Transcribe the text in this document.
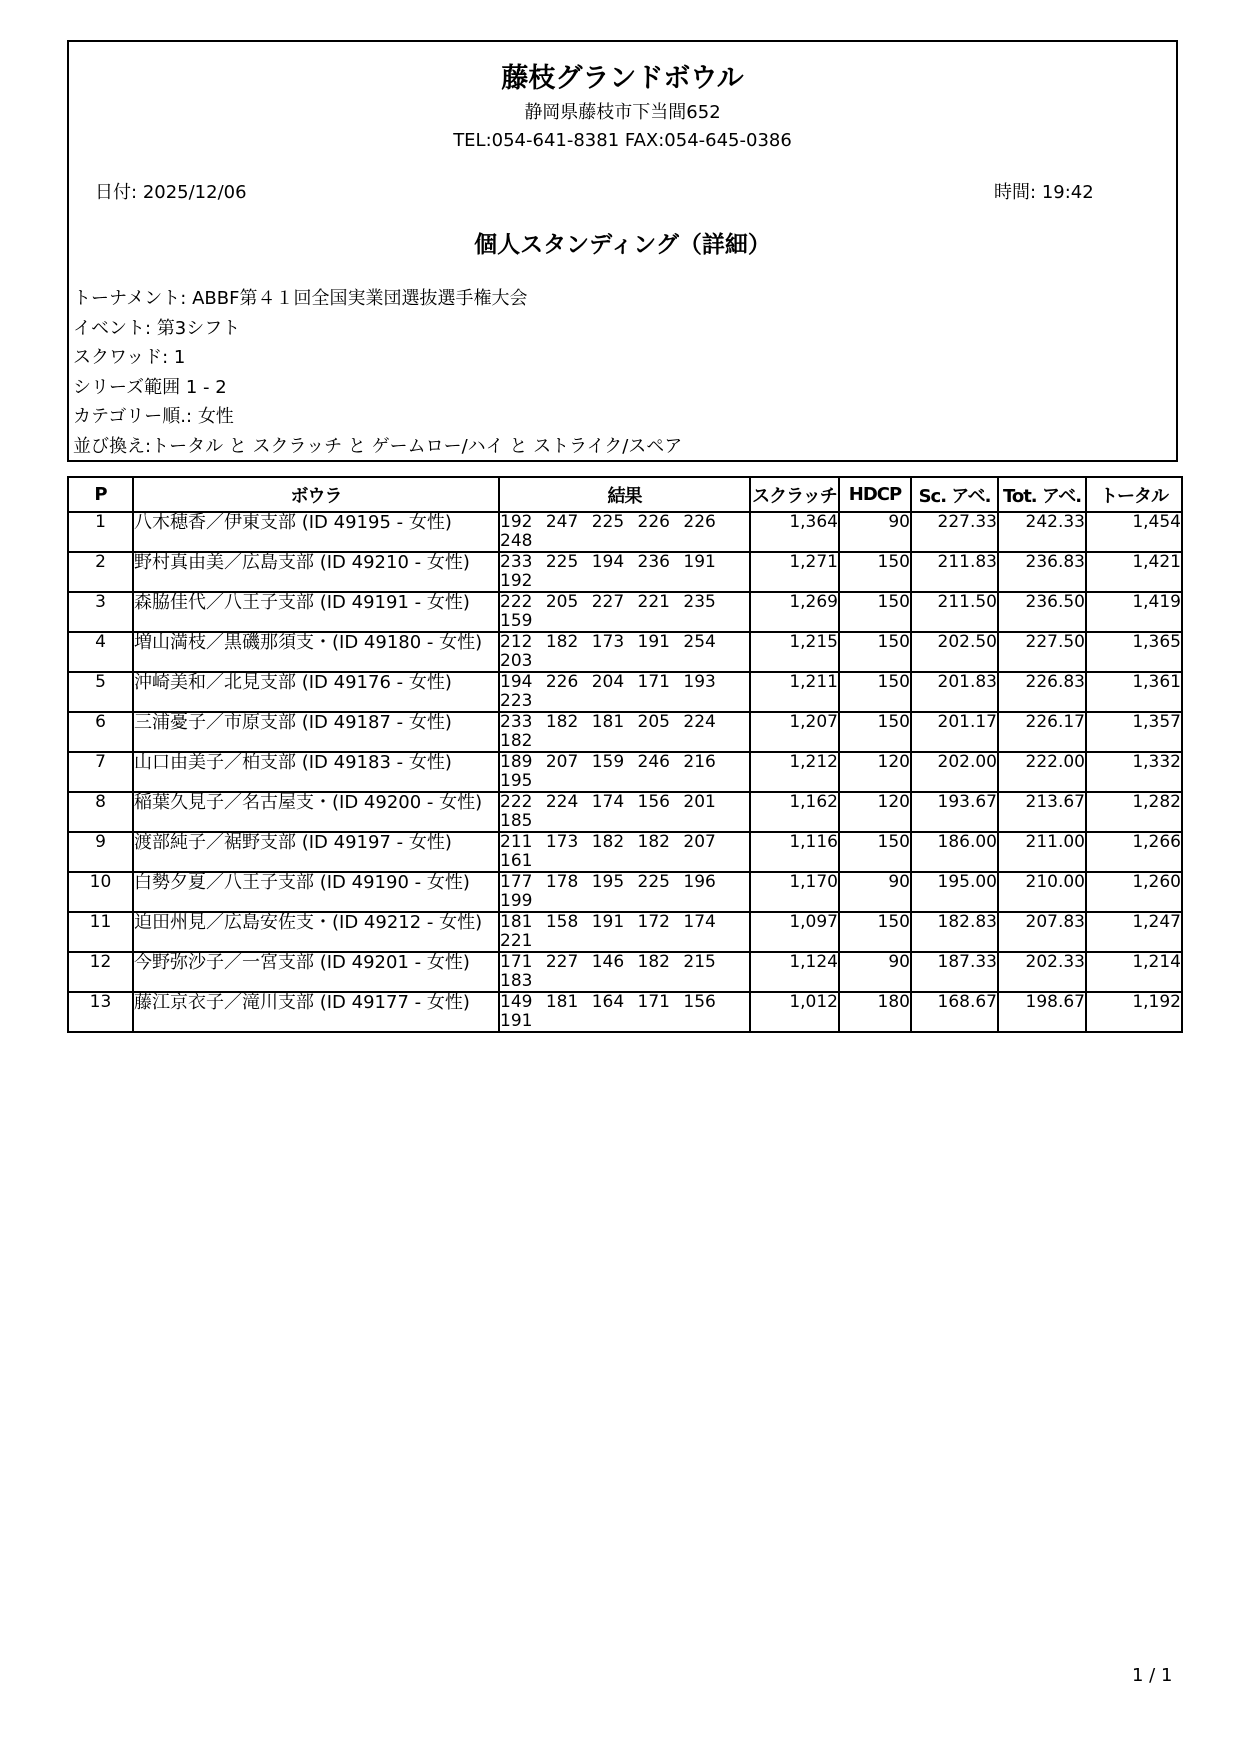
藤枝グランドボウル
静岡県藤枝市下当間652
TEL:054-641-8381 FAX:054-645-0386
日付: 2025/12/06	時間: 19:42
個人スタンディング（詳細）
トーナメント: ABBF第４１回全国実業団選抜選手権大会
イベント: 第3シフト
スクワッド: 1
シリーズ範囲 1 - 2
カテゴリー順.: 女性
並び換え:トータル と スクラッチ と ゲームロー/ハイ と ストライク/スペア
P	ボウラ	結果	スクラッチ	HDCP	Sc. アベ.	Tot. アベ.	トータル
1	八木穂香／伊東支部 (ID 49195 - 女性)	192 247 225 226 226 248	1,364	90	227.33	242.33	1,454
2	野村真由美／広島支部 (ID 49210 - 女性)	233 225 194 236 191 192	1,271	150	211.83	236.83	1,421
3	森脇佳代／八王子支部 (ID 49191 - 女性)	222 205 227 221 235 159	1,269	150	211.50	236.50	1,419
4	増山満枝／黒磯那須支・(ID 49180 - 女性)	212 182 173 191 254 203	1,215	150	202.50	227.50	1,365
5	沖崎美和／北見支部 (ID 49176 - 女性)	194 226 204 171 193 223	1,211	150	201.83	226.83	1,361
6	三浦憂子／市原支部 (ID 49187 - 女性)	233 182 181 205 224 182	1,207	150	201.17	226.17	1,357
7	山口由美子／柏支部 (ID 49183 - 女性)	189 207 159 246 216 195	1,212	120	202.00	222.00	1,332
8	稲葉久見子／名古屋支・(ID 49200 - 女性)	222 224 174 156 201 185	1,162	120	193.67	213.67	1,282
9	渡部純子／裾野支部 (ID 49197 - 女性)	211 173 182 182 207 161	1,116	150	186.00	211.00	1,266
10	白勢夕夏／八王子支部 (ID 49190 - 女性)	177 178 195 225 196 199	1,170	90	195.00	210.00	1,260
11	迫田州見／広島安佐支・(ID 49212 - 女性)	181 158 191 172 174 221	1,097	150	182.83	207.83	1,247
12	今野弥沙子／一宮支部 (ID 49201 - 女性)	171 227 146 182 215 183	1,124	90	187.33	202.33	1,214
13	藤江京衣子／滝川支部 (ID 49177 - 女性)	149 181 164 171 156 191	1,012	180	168.67	198.67	1,192
1 / 1
